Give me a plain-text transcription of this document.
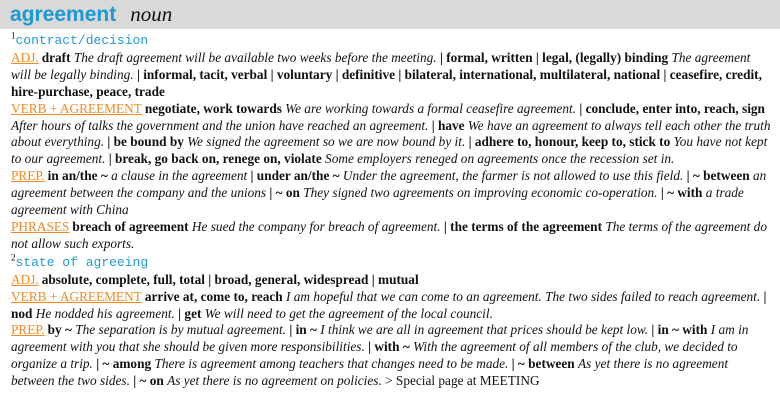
agreement noun
$^1$contract/decision
ADJ. draft The draft agreement will be available two weeks before the meeting. | formal, written | legal, (legally) binding The agreement will be legally binding. | informal, tacit, verbal | voluntary | definitive | bilateral, international, multilateral, national | ceasefire, credit, hire-purchase, peace, trade
VERB + AGREEMENT negotiate, work towards We are working towards a formal ceasefire agreement. | conclude, enter into, reach, sign After hours of talks the government and the union have reached an agreement. | have We have an agreement to always tell each other the truth about everything. | be bound by We signed the agreement so we are now bound by it. | adhere to, honour, keep to, stick to You have not kept to our agreement. | break, go back on, renege on, violate Some employers reneged on agreements once the recession set in.
PREP. in an/the ~ a clause in the agreement | under an/the ~ Under the agreement, the farmer is not allowed to use this field. | ~ between an agreement between the company and the unions | ~ on They signed two agreements on improving economic co-operation. | ~ with a trade agreement with China
PHRASES breach of agreement He sued the company for breach of agreement. | the terms of the agreement The terms of the agreement do not allow such exports.
$^2$state of agreeing
ADJ. absolute, complete, full, total | broad, general, widespread | mutual
VERB + AGREEMENT arrive at, come to, reach I am hopeful that we can come to an agreement. The two sides failed to reach agreement. | nod He nodded his agreement. | get We will need to get the agreement of the local council.
PREP. by ~ The separation is by mutual agreement. | in ~ I think we are all in agreement that prices should be kept low. | in ~ with I am in agreement with you that she should be given more responsibilities. | with ~ With the agreement of all members of the club, we decided to organize a trip. | ~ among There is agreement among teachers that changes need to be made. | ~ between As yet there is no agreement between the two sides. | ~ on As yet there is no agreement on policies. > Special page at MEETING
